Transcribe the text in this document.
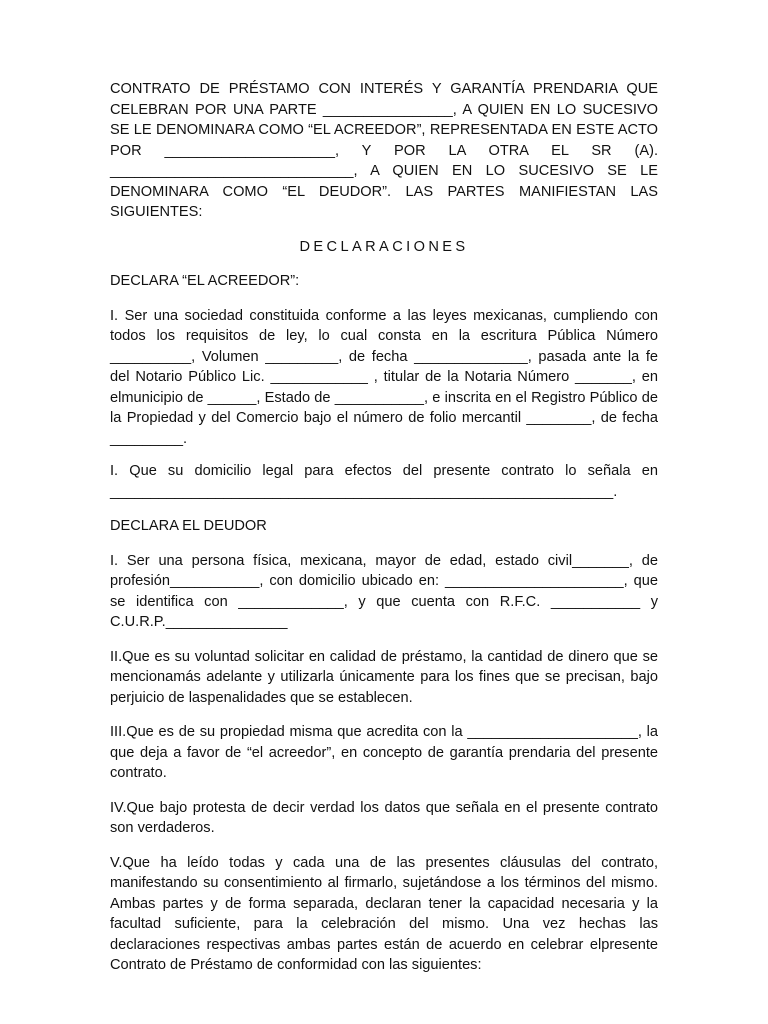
CONTRATO DE PRÉSTAMO CON INTERÉS Y GARANTÍA PRENDARIA QUE CELEBRAN POR UNA PARTE ________________, A QUIEN EN LO SUCESIVO SE LE DENOMINARA COMO “EL ACREEDOR”, REPRESENTADA EN ESTE ACTO POR _____________________, Y POR LA OTRA EL SR (A). ______________________________, A QUIEN EN LO SUCESIVO SE LE DENOMINARA COMO “EL DEUDOR”. LAS PARTES MANIFIESTAN LAS SIGUIENTES:

DECLARACIONES

DECLARA “EL ACREEDOR”:

I. Ser una sociedad constituida conforme a las leyes mexicanas, cumpliendo con todos los requisitos de ley, lo cual consta en la escritura Pública Número __________, Volumen _________, de fecha ______________, pasada ante la fe del Notario Público Lic. ____________ , titular de la Notaria Número _______, en elmunicipio de ______, Estado de ___________, e inscrita en el Registro Público de la Propiedad y del Comercio bajo el número de folio mercantil ________, de fecha _________.

I. Que su domicilio legal para efectos del presente contrato lo señala en ______________________________________________________________.

DECLARA EL DEUDOR

I. Ser una persona física, mexicana, mayor de edad, estado civil_______, de profesión___________, con domicilio ubicado en: ______________________, que se identifica con _____________, y que cuenta con R.F.C. ___________ y C.U.R.P._______________

II.Que es su voluntad solicitar en calidad de préstamo, la cantidad de dinero que se mencionamás adelante y utilizarla únicamente para los fines que se precisan, bajo perjuicio de laspenalidades que se establecen.

III.Que es de su propiedad misma que acredita con la _____________________, la que deja a favor de “el acreedor”, en concepto de garantía prendaria del presente contrato.

IV.Que bajo protesta de decir verdad los datos que señala en el presente contrato son verdaderos.

V.Que ha leído todas y cada una de las presentes cláusulas del contrato, manifestando su consentimiento al firmarlo, sujetándose a los términos del mismo. Ambas partes y de forma separada, declaran tener la capacidad necesaria y la facultad suficiente, para la celebración del mismo. Una vez hechas las declaraciones respectivas ambas partes están de acuerdo en celebrar elpresente Contrato de Préstamo de conformidad con las siguientes:
